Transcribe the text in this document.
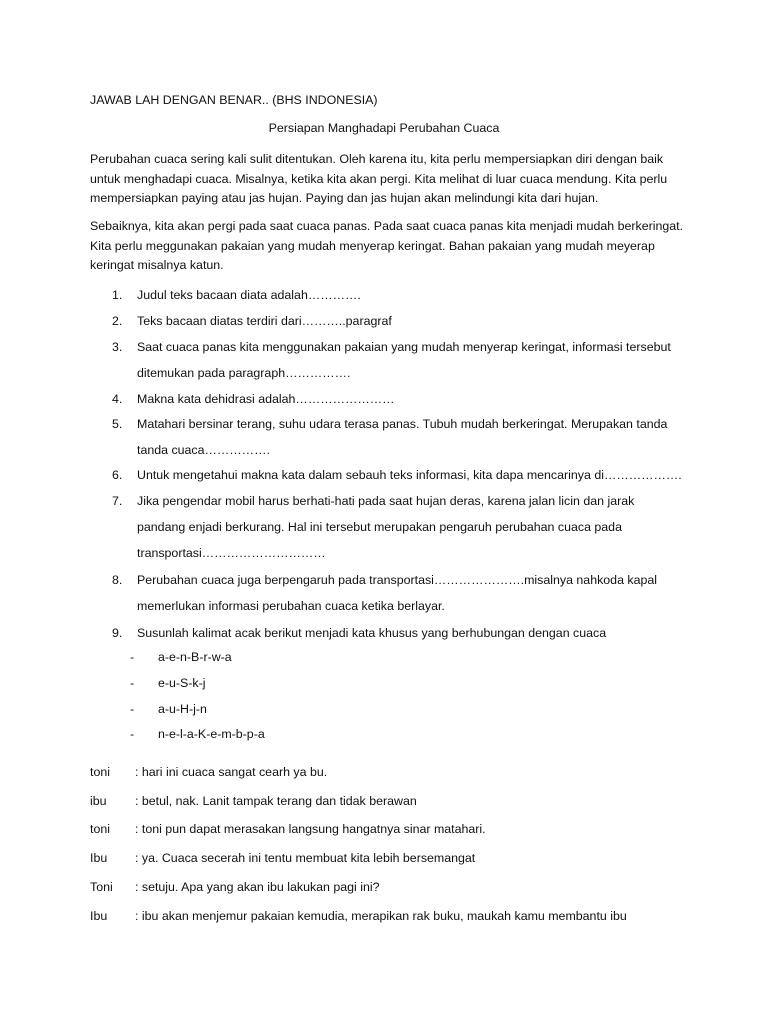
JAWAB LAH DENGAN BENAR.. (BHS INDONESIA)
Persiapan Manghadapi Perubahan Cuaca

Perubahan cuaca sering kali sulit ditentukan. Oleh karena itu, kita perlu mempersiapkan diri dengan baik untuk menghadapi cuaca. Misalnya, ketika kita akan pergi. Kita melihat di luar cuaca mendung. Kita perlu mempersiapkan paying atau jas hujan. Paying dan jas hujan akan melindungi kita dari hujan.

Sebaiknya, kita akan pergi pada saat cuaca panas. Pada saat cuaca panas kita menjadi mudah berkeringat. Kita perlu meggunakan pakaian yang mudah menyerap keringat. Bahan pakaian yang mudah meyerap keringat misalnya katun.

1.	Judul teks bacaan diata adalah………….
2.	Teks bacaan diatas terdiri dari………..paragraf
3.	Saat cuaca panas kita menggunakan pakaian yang mudah menyerap keringat, informasi tersebut ditemukan pada paragraph…………….
4.	Makna kata dehidrasi adalah……………………
5.	Matahari bersinar terang, suhu udara terasa panas. Tubuh mudah berkeringat. Merupakan tanda tanda cuaca…………….
6.	Untuk mengetahui makna kata dalam sebauh teks informasi, kita dapa mencarinya di……………….
7.	Jika pengendar mobil harus berhati-hati pada saat hujan deras, karena jalan licin dan jarak pandang enjadi berkurang. Hal ini tersebut merupakan pengaruh perubahan cuaca pada transportasi…………………………
8.	Perubahan cuaca juga berpengaruh pada transportasi………………….misalnya nahkoda kapal memerlukan informasi perubahan cuaca ketika berlayar.
9.	Susunlah kalimat acak berikut menjadi kata khusus yang berhubungan dengan cuaca
- a-e-n-B-r-w-a
- e-u-S-k-j
- a-u-H-j-n
- n-e-l-a-K-e-m-b-p-a
toni : hari ini cuaca sangat cearh ya bu.
ibu : betul, nak. Lanit tampak terang dan tidak berawan
toni : toni pun dapat merasakan langsung hangatnya sinar matahari.
Ibu : ya. Cuaca secerah ini tentu membuat kita lebih bersemangat
Toni : setuju. Apa yang akan ibu lakukan pagi ini?
Ibu : ibu akan menjemur pakaian kemudia, merapikan rak buku, maukah kamu membantu ibu
